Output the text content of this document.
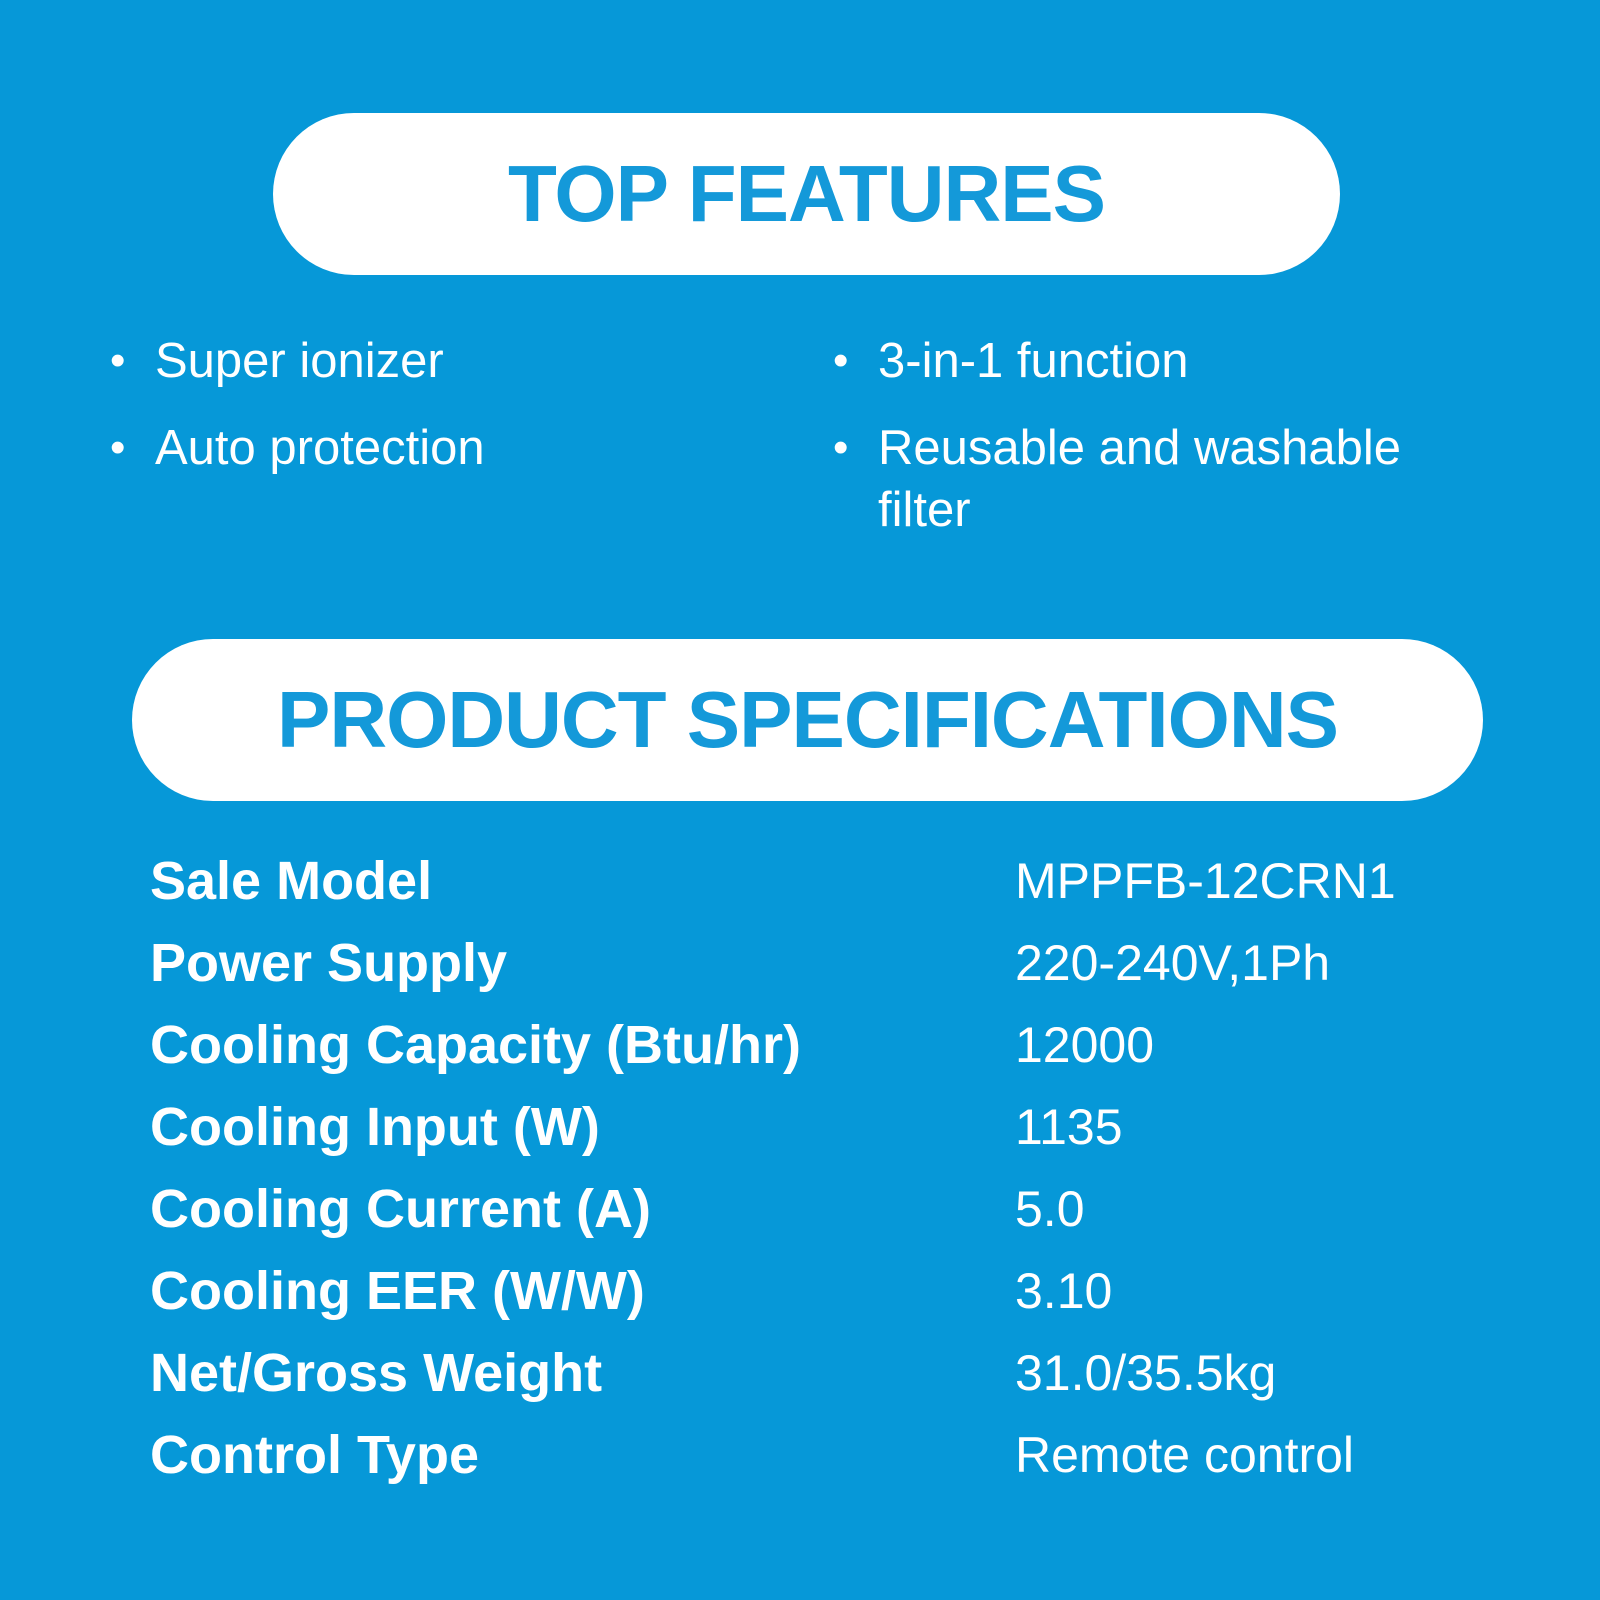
TOP FEATURES
• Super ionizer
• Auto protection
• 3-in-1 function
• Reusable and washable filter
PRODUCT SPECIFICATIONS
Sale Model	MPPFB-12CRN1
Power Supply	220-240V,1Ph
Cooling Capacity (Btu/hr)	12000
Cooling Input (W)	1135
Cooling Current (A)	5.0
Cooling EER (W/W)	3.10
Net/Gross Weight	31.0/35.5kg
Control Type	Remote control
